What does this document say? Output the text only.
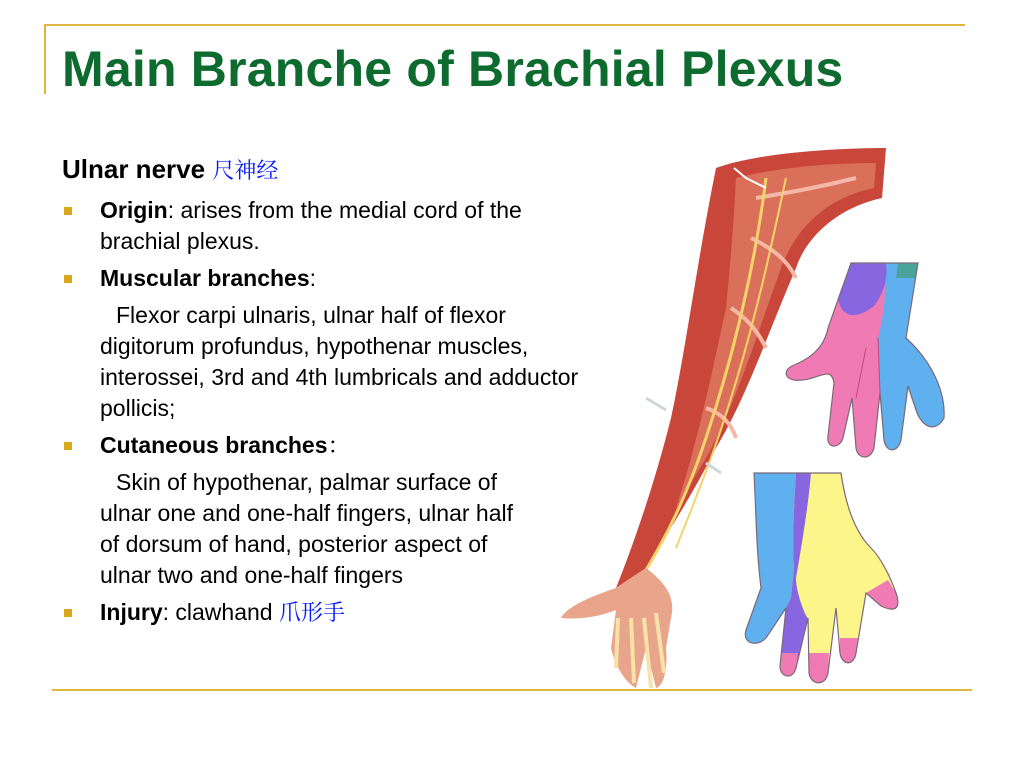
Main Branche of Brachial Plexus
Ulnar nerve 尺神经
Origin: arises from the medial cord of the brachial plexus.
Muscular branches:
Flexor carpi ulnaris, ulnar half of flexor digitorum profundus, hypothenar muscles, interossei, 3rd and 4th lumbricals and adductor pollicis;
Cutaneous branches：
Skin of hypothenar, palmar surface of ulnar one and one-half fingers, ulnar half of dorsum of hand, posterior aspect of ulnar two and one-half fingers
Injury: clawhand 爪形手
